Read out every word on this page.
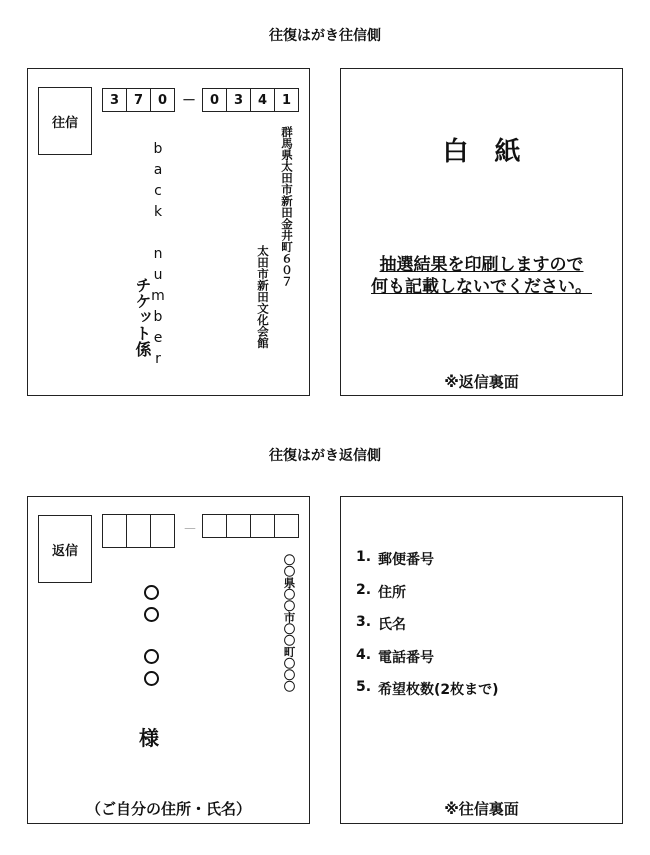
往復はがき往信側
往信
3	7	0	－	0	3	4	1
群馬県太田市新田金井町６０７
太田市新田文化会館
back number
チケット係
白　紙
抽選結果を印刷しますので
何も記載しないでください。
※返信裏面
往復はがき返信側
返信
－
〇〇県〇〇市〇〇町〇〇〇
様
（ご自分の住所・氏名）
1. 郵便番号
2. 住所
3. 氏名
4. 電話番号
5. 希望枚数(2枚まで)
※往信裏面
